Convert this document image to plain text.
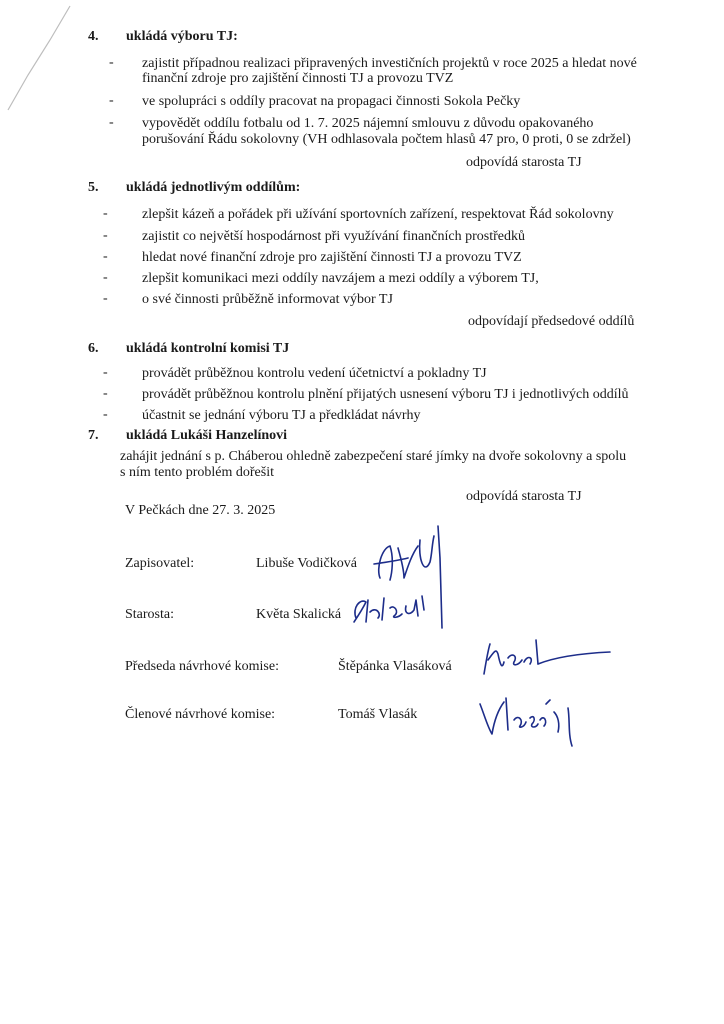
4. ukládá výboru TJ:
- zajistit případnou realizaci připravených investičních projektů v roce 2025 a hledat nové
finanční zdroje pro zajištění činnosti TJ a provozu TVZ
- ve spolupráci s oddíly pracovat na propagaci činnosti Sokola Pečky
- vypovědět oddílu fotbalu od 1. 7. 2025 nájemní smlouvu z důvodu opakovaného
porušování Řádu sokolovny (VH odhlasovala počtem hlasů 47 pro, 0 proti, 0 se zdržel)
odpovídá starosta TJ
5. ukládá jednotlivým oddílům:
- zlepšit kázeň a pořádek při užívání sportovních zařízení, respektovat Řád sokolovny
- zajistit co největší hospodárnost při využívání finančních prostředků
- hledat nové finanční zdroje pro zajištění činnosti TJ a provozu TVZ
- zlepšit komunikaci mezi oddíly navzájem a mezi oddíly a výborem TJ,
- o své činnosti průběžně informovat výbor TJ
odpovídají předsedové oddílů
6. ukládá kontrolní komisi TJ
- provádět průběžnou kontrolu vedení účetnictví a pokladny TJ
- provádět průběžnou kontrolu plnění přijatých usnesení výboru TJ i jednotlivých oddílů
- účastnit se jednání výboru TJ a předkládat návrhy
7. ukládá Lukáši Hanzelínovi
zahájit jednání s p. Cháberou ohledně zabezpečení staré jímky na dvoře sokolovny a spolu
s ním tento problém dořešit
odpovídá starosta TJ
V Pečkách dne 27. 3. 2025
Zapisovatel:	Libuše Vodičková
Starosta:	Květa Skalická
Předseda návrhové komise:	Štěpánka Vlasáková
Členové návrhové komise:	Tomáš Vlasák
